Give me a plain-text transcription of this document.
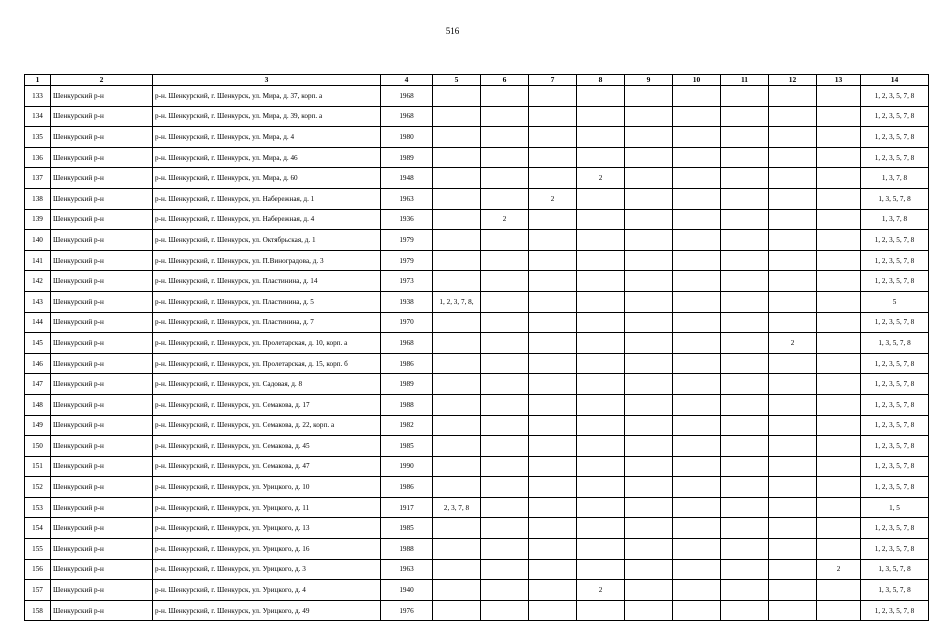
516
1	2	3	4	5	6	7	8	9	10	11	12	13	14
133	Шенкурский р-н	р-н. Шенкурский, г. Шенкурск, ул. Мира, д. 37, корп. а	1968										1, 2, 3, 5, 7, 8
134	Шенкурский р-н	р-н. Шенкурский, г. Шенкурск, ул. Мира, д. 39, корп. а	1968										1, 2, 3, 5, 7, 8
135	Шенкурский р-н	р-н. Шенкурский, г. Шенкурск, ул. Мира, д. 4	1980										1, 2, 3, 5, 7, 8
136	Шенкурский р-н	р-н. Шенкурский, г. Шенкурск, ул. Мира, д. 46	1989										1, 2, 3, 5, 7, 8
137	Шенкурский р-н	р-н. Шенкурский, г. Шенкурск, ул. Мира, д. 60	1948				2						1, 3, 7, 8
138	Шенкурский р-н	р-н. Шенкурский, г. Шенкурск, ул. Набережная, д. 1	1963			2							1, 3, 5, 7, 8
139	Шенкурский р-н	р-н. Шенкурский, г. Шенкурск, ул. Набережная, д. 4	1936		2								1, 3, 7, 8
140	Шенкурский р-н	р-н. Шенкурский, г. Шенкурск, ул. Октябрьская, д. 1	1979										1, 2, 3, 5, 7, 8
141	Шенкурский р-н	р-н. Шенкурский, г. Шенкурск, ул. П.Виноградова, д. 3	1979										1, 2, 3, 5, 7, 8
142	Шенкурский р-н	р-н. Шенкурский, г. Шенкурск, ул. Пластинина, д. 14	1973										1, 2, 3, 5, 7, 8
143	Шенкурский р-н	р-н. Шенкурский, г. Шенкурск, ул. Пластинина, д. 5	1938	1, 2, 3, 7, 8,									5
144	Шенкурский р-н	р-н. Шенкурский, г. Шенкурск, ул. Пластинина, д. 7	1970										1, 2, 3, 5, 7, 8
145	Шенкурский р-н	р-н. Шенкурский, г. Шенкурск, ул. Пролетарская, д. 10, корп. а	1968								2		1, 3, 5, 7, 8
146	Шенкурский р-н	р-н. Шенкурский, г. Шенкурск, ул. Пролетарская, д. 15, корп. б	1986										1, 2, 3, 5, 7, 8
147	Шенкурский р-н	р-н. Шенкурский, г. Шенкурск, ул. Садовая, д. 8	1989										1, 2, 3, 5, 7, 8
148	Шенкурский р-н	р-н. Шенкурский, г. Шенкурск, ул. Семакова, д. 17	1988										1, 2, 3, 5, 7, 8
149	Шенкурский р-н	р-н. Шенкурский, г. Шенкурск, ул. Семакова, д. 22, корп. а	1982										1, 2, 3, 5, 7, 8
150	Шенкурский р-н	р-н. Шенкурский, г. Шенкурск, ул. Семакова, д. 45	1985										1, 2, 3, 5, 7, 8
151	Шенкурский р-н	р-н. Шенкурский, г. Шенкурск, ул. Семакова, д. 47	1990										1, 2, 3, 5, 7, 8
152	Шенкурский р-н	р-н. Шенкурский, г. Шенкурск, ул. Урицкого, д. 10	1986										1, 2, 3, 5, 7, 8
153	Шенкурский р-н	р-н. Шенкурский, г. Шенкурск, ул. Урицкого, д. 11	1917	2, 3, 7, 8									1, 5
154	Шенкурский р-н	р-н. Шенкурский, г. Шенкурск, ул. Урицкого, д. 13	1985										1, 2, 3, 5, 7, 8
155	Шенкурский р-н	р-н. Шенкурский, г. Шенкурск, ул. Урицкого, д. 16	1988										1, 2, 3, 5, 7, 8
156	Шенкурский р-н	р-н. Шенкурский, г. Шенкурск, ул. Урицкого, д. 3	1963									2	1, 3, 5, 7, 8
157	Шенкурский р-н	р-н. Шенкурский, г. Шенкурск, ул. Урицкого, д. 4	1940				2						1, 3, 5, 7, 8
158	Шенкурский р-н	р-н. Шенкурский, г. Шенкурск, ул. Урицкого, д. 49	1976										1, 2, 3, 5, 7, 8
